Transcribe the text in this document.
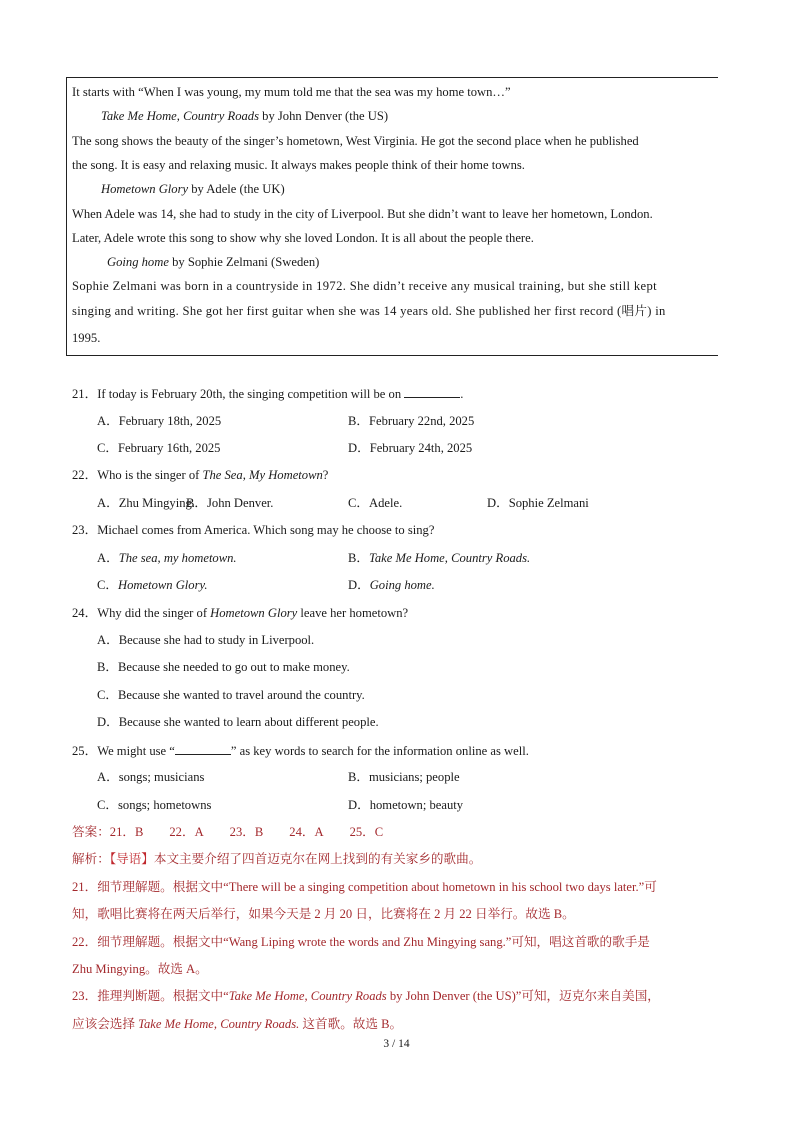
It starts with “When I was young, my mum told me that the sea was my home town…”
Take Me Home, Country Roads by John Denver (the US)
The song shows the beauty of the singer’s hometown, West Virginia. He got the second place when he published
the song. It is easy and relaxing music. It always makes people think of their home towns.
Hometown Glory by Adele (the UK)
When Adele was 14, she had to study in the city of Liverpool. But she didn’t want to leave her hometown, London.
Later, Adele wrote this song to show why she loved London. It is all about the people there.
Going home by Sophie Zelmani (Sweden)
Sophie Zelmani was born in a countryside in 1972. She didn’t receive any musical training, but she still kept
singing and writing. She got her first guitar when she was 14 years old. She published her first record (唱片) in
1995.
21．If today is February 20th, the singing competition will be on	.
A．February 18th, 2025	B．February 22nd, 2025
C．February 16th, 2025	D．February 24th, 2025
22．Who is the singer of The Sea, My Hometown?
A．Zhu Mingying.
B．John Denver.	C．Adele.	D．Sophie Zelmani
23．Michael comes from America. Which song may he choose to sing?
A．The sea, my hometown.	B．Take Me Home, Country Roads.
C．Hometown Glory.	D．Going home.
24．Why did the singer of Hometown Glory leave her hometown?
A．Because she had to study in Liverpool.
B．Because she needed to go out to make money.
C．Because she wanted to travel around the country.
D．Because she wanted to learn about different people.
25．We might use “	” as key words to search for the information online as well.
A．songs; musicians	B．musicians; people
C．songs; hometowns	D．hometown; beauty
答案：21．B 22．A 23．B 24．A 25．C
解析：【导语】本文主要介绍了四首迈克尔在网上找到的有关家乡的歌曲。
21．细节理解题。根据文中“There will be a singing competition about hometown in his school two days later.”可
知，歌唱比赛将在两天后举行，如果今天是 2 月 20 日，比赛将在 2 月 22 日举行。故选 B。
22．细节理解题。根据文中“Wang Liping wrote the words and Zhu Mingying sang.”可知，唱这首歌的歌手是
Zhu Mingying。故选 A。
23．推理判断题。根据文中“Take Me Home, Country Roads by John Denver (the US)”可知，迈克尔来自美国，
应该会选择 Take Me Home, Country Roads. 这首歌。故选 B。
3 / 14
